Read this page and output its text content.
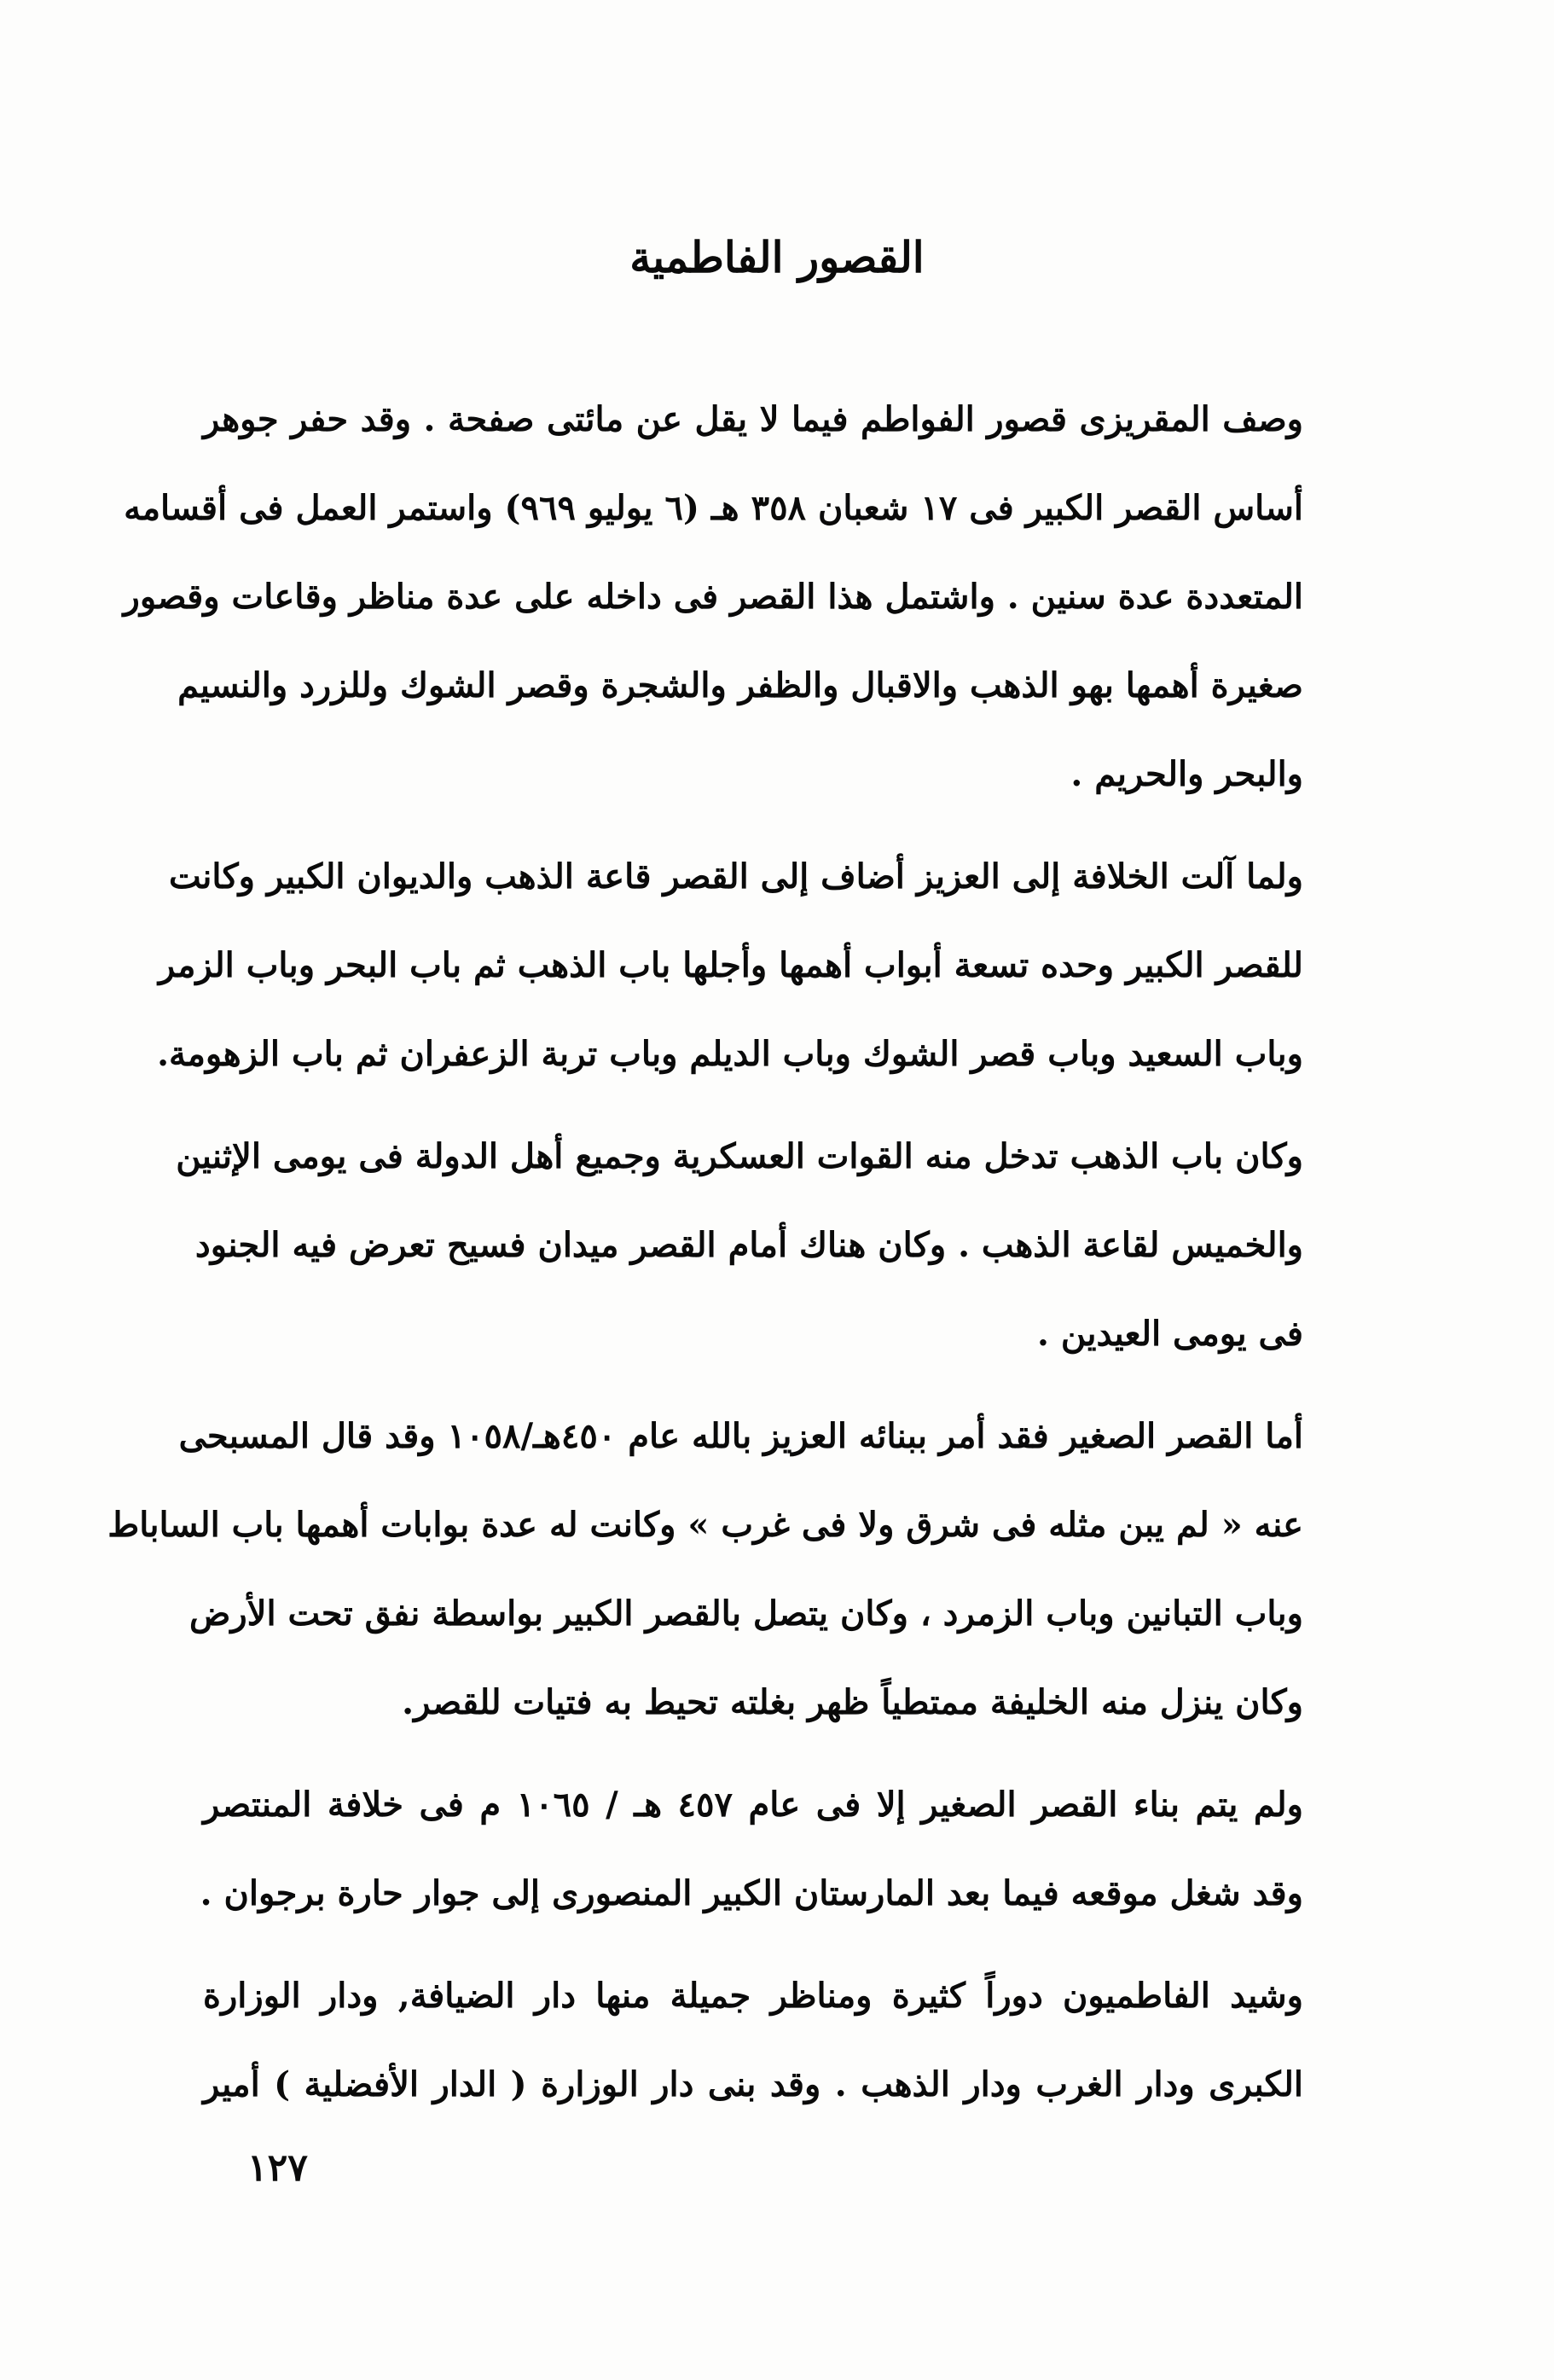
القصور الفاطمية

وصف المقريزى قصور الفواطم فيما لا يقل عن مائتى صفحة . وقد حفر جوهر
أساس القصر الكبير فى ١٧ شعبان ٣٥٨ هـ (٦ يوليو ٩٦٩) واستمر العمل فى أقسامه
المتعددة عدة سنين . واشتمل هذا القصر فى داخله على عدة مناظر وقاعات وقصور
صغيرة أهمها بهو الذهب والاقبال والظفر والشجرة وقصر الشوك وللزرد والنسيم
والبحر والحريم .

ولما آلت الخلافة إلى العزيز أضاف إلى القصر قاعة الذهب والديوان الكبير وكانت
للقصر الكبير وحده تسعة أبواب أهمها وأجلها باب الذهب ثم باب البحر وباب الزمر
وباب السعيد وباب قصر الشوك وباب الديلم وباب تربة الزعفران ثم باب الزهومة.

وكان باب الذهب تدخل منه القوات العسكرية وجميع أهل الدولة فى يومى الإثنين
والخميس لقاعة الذهب . وكان هناك أمام القصر ميدان فسيح تعرض فيه الجنود
فى يومى العيدين .

أما القصر الصغير فقد أمر ببنائه العزيز بالله عام ٤٥٠هـ/١٠٥٨ وقد قال المسبحى
عنه « لم يبن مثله فى شرق ولا فى غرب » وكانت له عدة بوابات أهمها باب الساباط
وباب التبانين وباب الزمرد ، وكان يتصل بالقصر الكبير بواسطة نفق تحت الأرض
وكان ينزل منه الخليفة ممتطياً ظهر بغلته تحيط به فتيات للقصر.

ولم يتم بناء القصر الصغير إلا فى عام ٤٥٧ هـ / ١٠٦٥ م فى خلافة المنتصر
وقد شغل موقعه فيما بعد المارستان الكبير المنصورى إلى جوار حارة برجوان .

وشيد الفاطميون دوراً كثيرة ومناظر جميلة منها دار الضيافة, ودار الوزارة
الكبرى ودار الغرب ودار الذهب . وقد بنى دار الوزارة ( الدار الأفضلية ) أمير

١٢٧
